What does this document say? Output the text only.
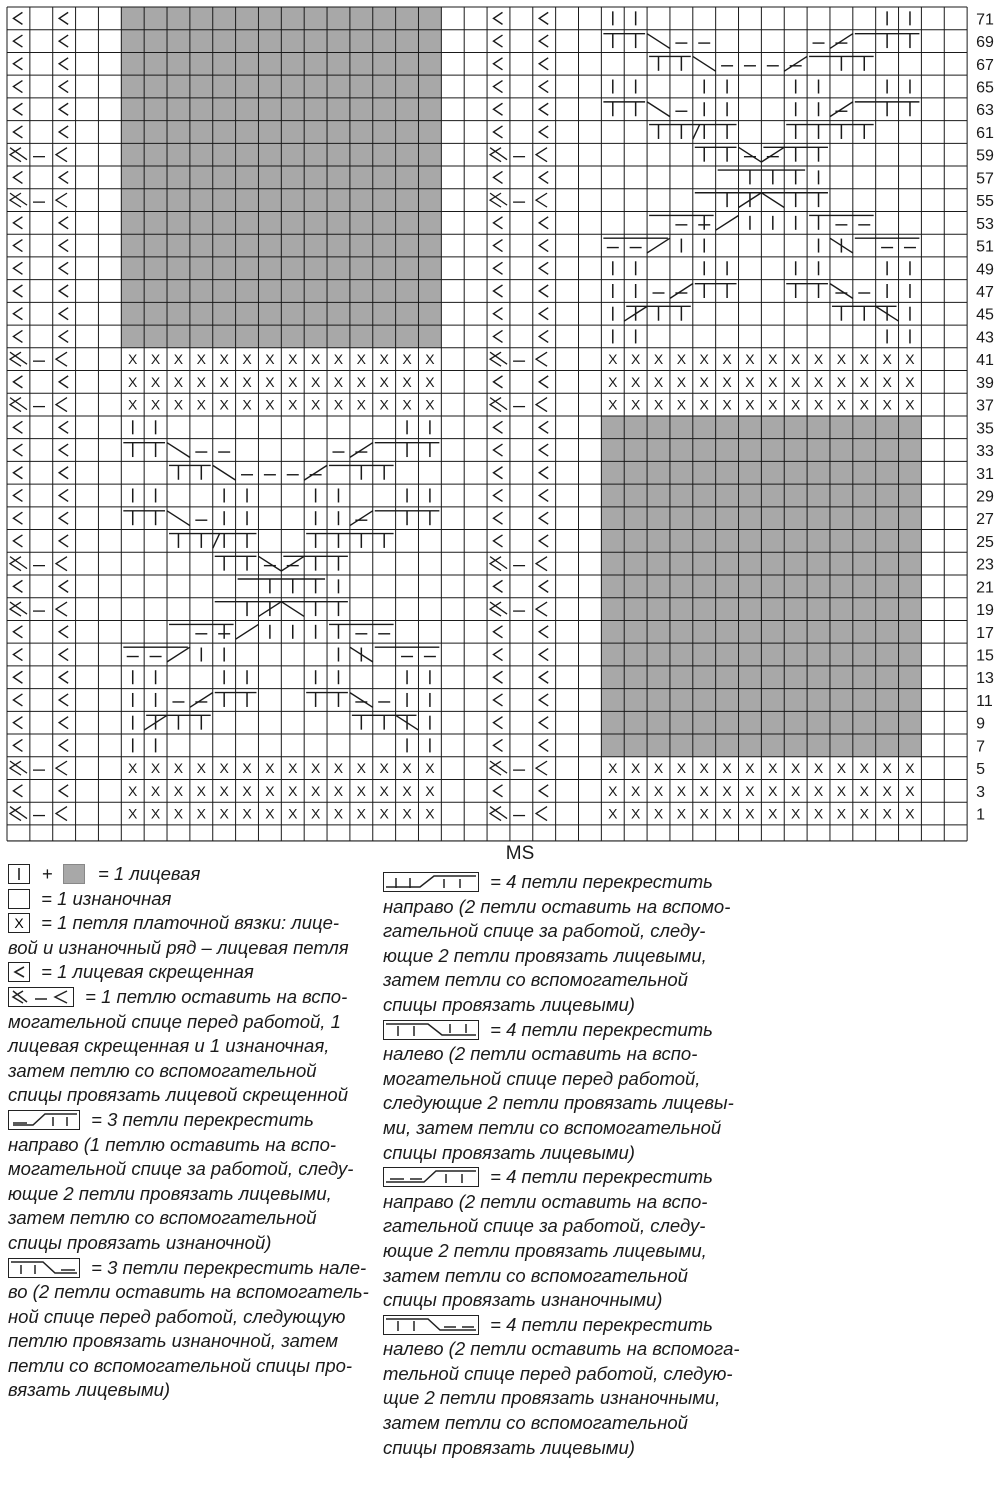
71
69
67
65
63
61
59
57
55
53
51
49
47
45
43
41
39
37
35
33
31
29
27
25
23
21
19
17
15
13
11
9
7
5
3
1
X X X X X X X X X X X X X X
X X X X X X X X X X X X X X
X X X X X X X X X X X X X X
X X X X X X X X X X X X X X
X X X X X X X X X X X X X X
X X X X X X X X X X X X X X
X X X X X X X X X X X X X X
X X X X X X X X X X X X X X
X X X X X X X X X X X X X X
X X X X X X X X X X X X X X
X X X X X X X X X X X X X X
X X X X X X X X X X X X X X
MS

+ = 1 лицевая

= 1 изнаночная

X = 1 петля платочной вязки: лице-
вой и изнаночный ряд – лицевая петля

= 1 лицевая скрещенная

= 1 петлю оставить на вспо-
могательной спице перед работой, 1
лицевая скрещенная и 1 изнаночная,
затем петлю со вспомогательной
спицы провязать лицевой скрещенной

= 3 петли перекрестить
направо (1 петлю оставить на вспо-
могательной спице за работой, следу-
ющие 2 петли провязать лицевыми,
затем петлю со вспомогательной
спицы провязать изнаночной)

= 3 петли перекрестить нале-
во (2 петли оставить на вспомогатель-
ной спице перед работой, следующую
петлю провязать изнаночной, затем
петли со вспомогательной спицы про-
вязать лицевыми)

= 4 петли перекрестить
направо (2 петли оставить на вспомо-
гательной спице за работой, следу-
ющие 2 петли провязать лицевыми,
затем петли со вспомогательной
спицы провязать лицевыми)

= 4 петли перекрестить
налево (2 петли оставить на вспо-
могательной спице перед работой,
следующие 2 петли провязать лицевы-
ми, затем петли со вспомогательной
спицы провязать лицевыми)

= 4 петли перекрестить
направо (2 петли оставить на вспо-
гательной спице за работой, следу-
ющие 2 петли провязать лицевыми,
затем петли со вспомогательной
спицы провязать изнаночными)

= 4 петли перекрестить
налево (2 петли оставить на вспомога-
тельной спице перед работой, следую-
щие 2 петли провязать изнаночными,
затем петли со вспомогательной
спицы провязать лицевыми)
